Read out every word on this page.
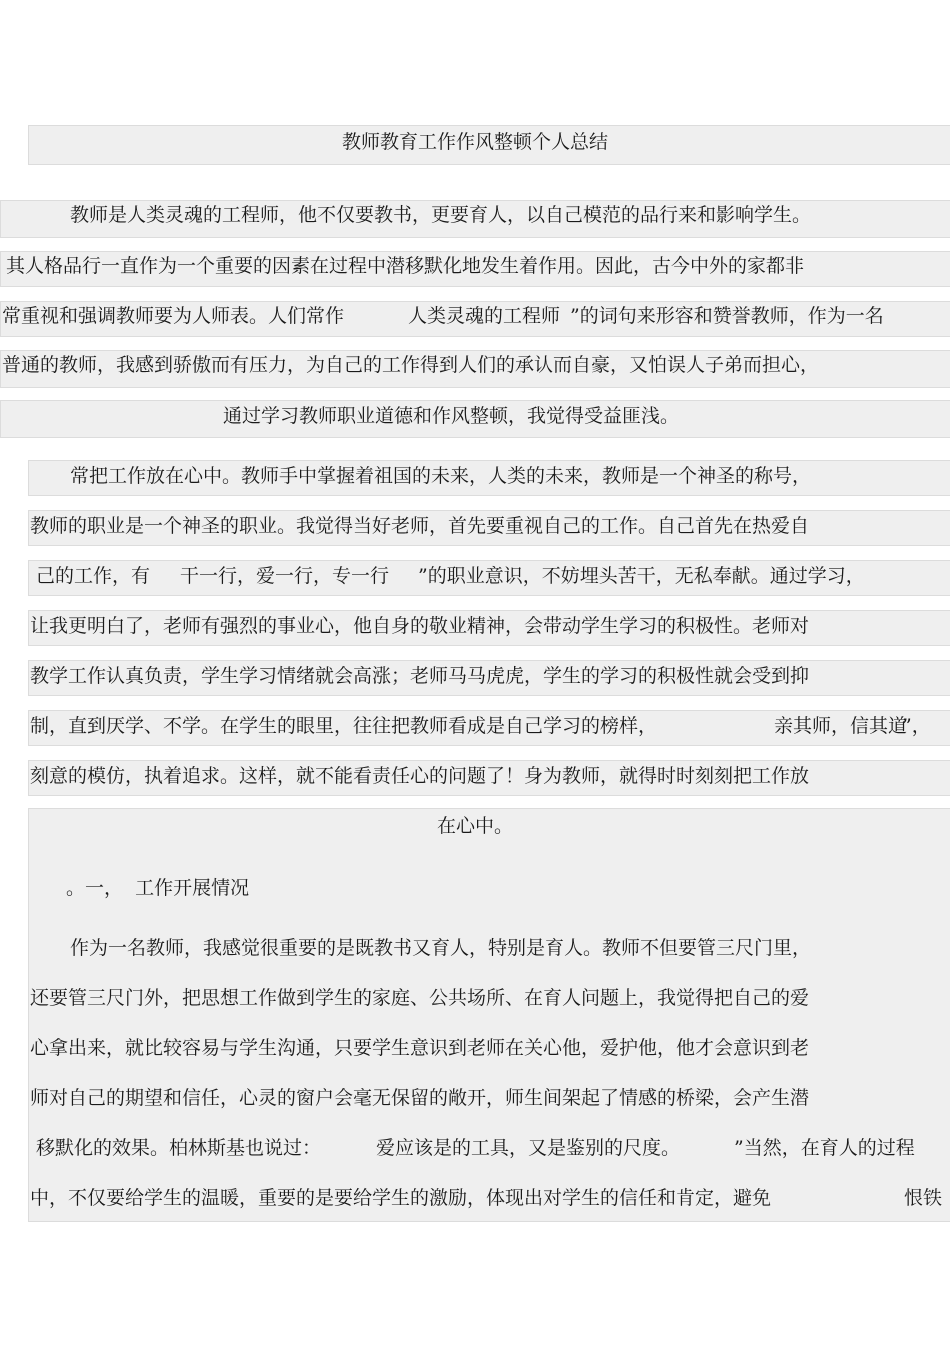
教师教育工作作风整顿个人总结
教师是人类灵魂的工程师，他不仅要教书，更要育人，以自己模范的品行来和影响学生。
其人格品行一直作为一个重要的因素在过程中潜移默化地发生着作用。因此，古今中外的家都非
常重视和强调教师要为人师表。人们常作	人类灵魂的工程师 ”的词句来形容和赞誉教师，作为一名
普通的教师，我感到骄傲而有压力，为自己的工作得到人们的承认而自豪，又怕误人子弟而担心，
通过学习教师职业道德和作风整顿，我觉得受益匪浅。
常把工作放在心中。教师手中掌握着祖国的未来，人类的未来，教师是一个神圣的称号，
教师的职业是一个神圣的职业。我觉得当好老师，首先要重视自己的工作。自己首先在热爱自
己的工作，有 干一行，爱一行，专一行 ”的职业意识，不妨埋头苦干，无私奉献。通过学习，
让我更明白了，老师有强烈的事业心，他自身的敬业精神，会带动学生学习的积极性。老师对
教学工作认真负责，学生学习情绪就会高涨；老师马马虎虎，学生的学习的积极性就会受到抑
制，直到厌学、不学。在学生的眼里，往往把教师看成是自己学习的榜样，	亲其师，信其道
”，
刻意的模仿，执着追求。这样，就不能看责任心的问题了！身为教师，就得时时刻刻把工作放
在心中。
。一，  工作开展情况
作为一名教师，我感觉很重要的是既教书又育人，特别是育人。教师不但要管三尺门里，
还要管三尺门外，把思想工作做到学生的家庭、公共场所、在育人问题上，我觉得把自己的爱
心拿出来，就比较容易与学生沟通，只要学生意识到老师在关心他，爱护他，他才会意识到老
师对自己的期望和信任，心灵的窗户会毫无保留的敞开，师生间架起了情感的桥梁，会产生潜
移默化的效果。柏林斯基也说过：	爱应该是的工具，又是鉴别的尺度。	”当然，在育人的过程
中，不仅要给学生的温暖，重要的是要给学生的激励，体现出对学生的信任和肯定，避免	恨铁
